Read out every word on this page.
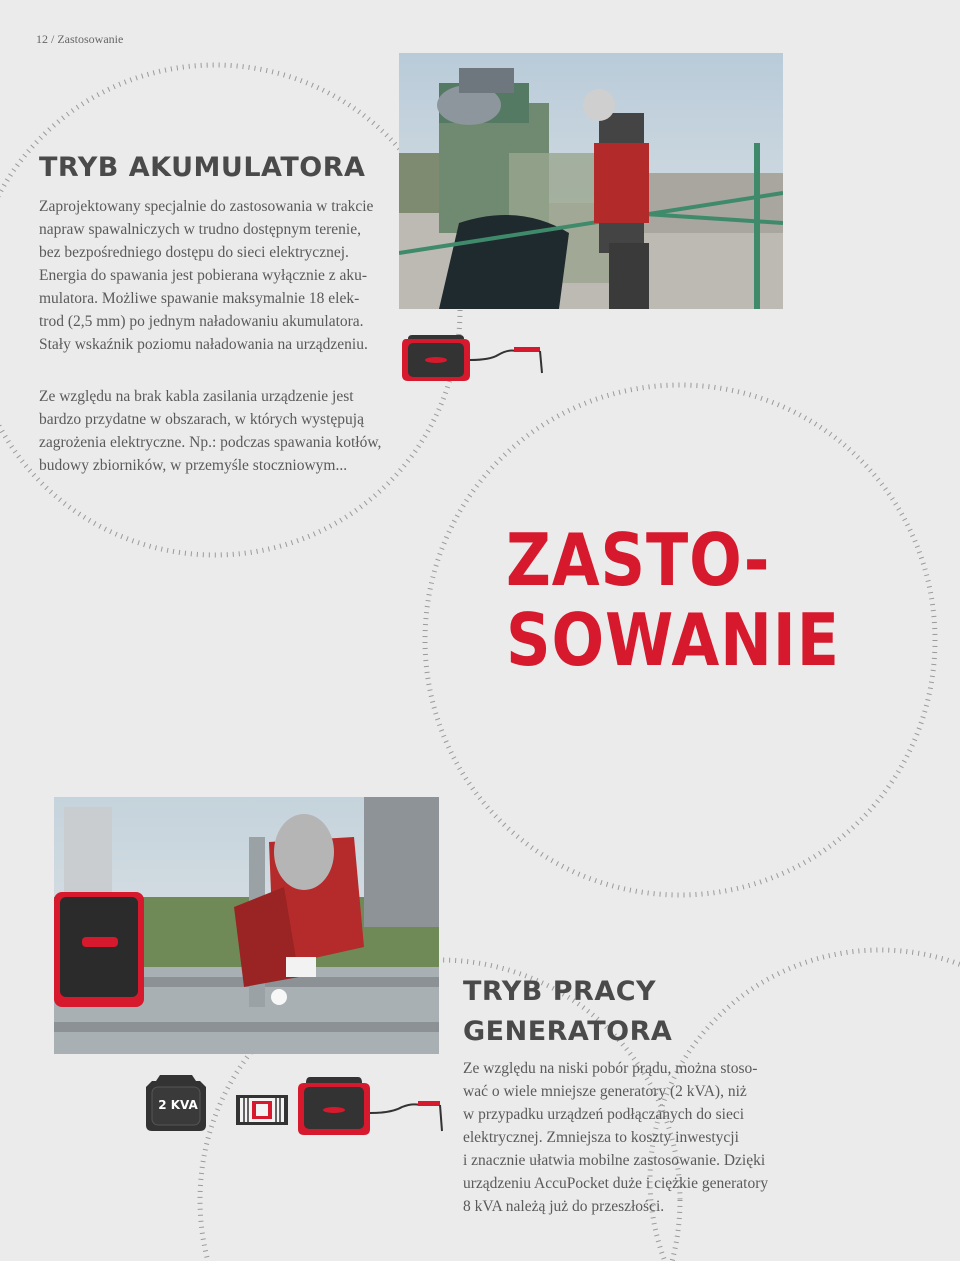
12 / Zastosowanie
TRYB AKUMULATORA
Zaprojektowany specjalnie do zastosowania w trakcie
napraw spawalniczych w trudno dostępnym terenie,
bez bezpośredniego dostępu do sieci elektrycznej.
Energia do spawania jest pobierana wyłącznie z aku-
mulatora. Możliwe spawanie maksymalnie 18 elek-
trod (2,5 mm) po jednym naładowaniu akumulatora.
Stały wskaźnik poziomu naładowania na urządzeniu.
Ze względu na brak kabla zasilania urządzenie jest
bardzo przydatne w obszarach, w których występują
zagrożenia elektryczne. Np.: podczas spawania kotłów,
budowy zbiorników, w przemyśle stoczniowym...
ZASTO-
SOWANIE
2 KVA
TRYB PRACY
GENERATORA
Ze względu na niski pobór prądu, można stoso-
wać o wiele mniejsze generatory (2 kVA), niż
w przypadku urządzeń podłączanych do sieci
elektrycznej. Zmniejsza to koszty inwestycji
i znacznie ułatwia mobilne zastosowanie. Dzięki
urządzeniu AccuPocket duże i ciężkie generatory
8 kVA należą już do przeszłości.
